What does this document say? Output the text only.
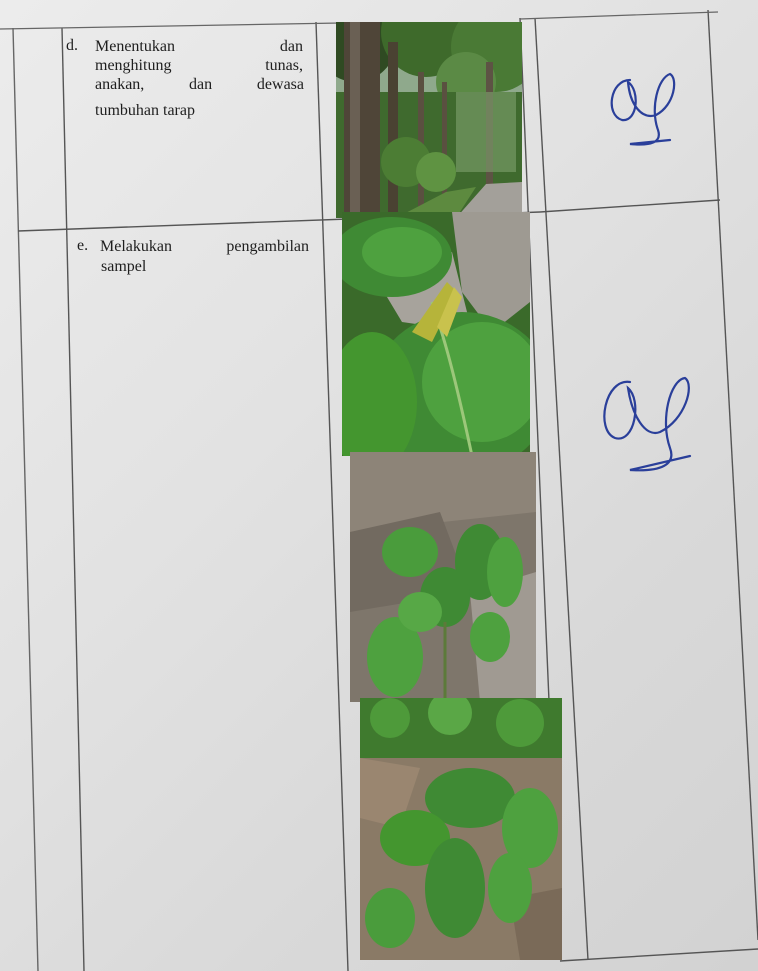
d. Menentukan dan
menghitung tunas,
anakan, dan dewasa
tumbuhan tarap
e. Melakukan pengambilan
sampel
